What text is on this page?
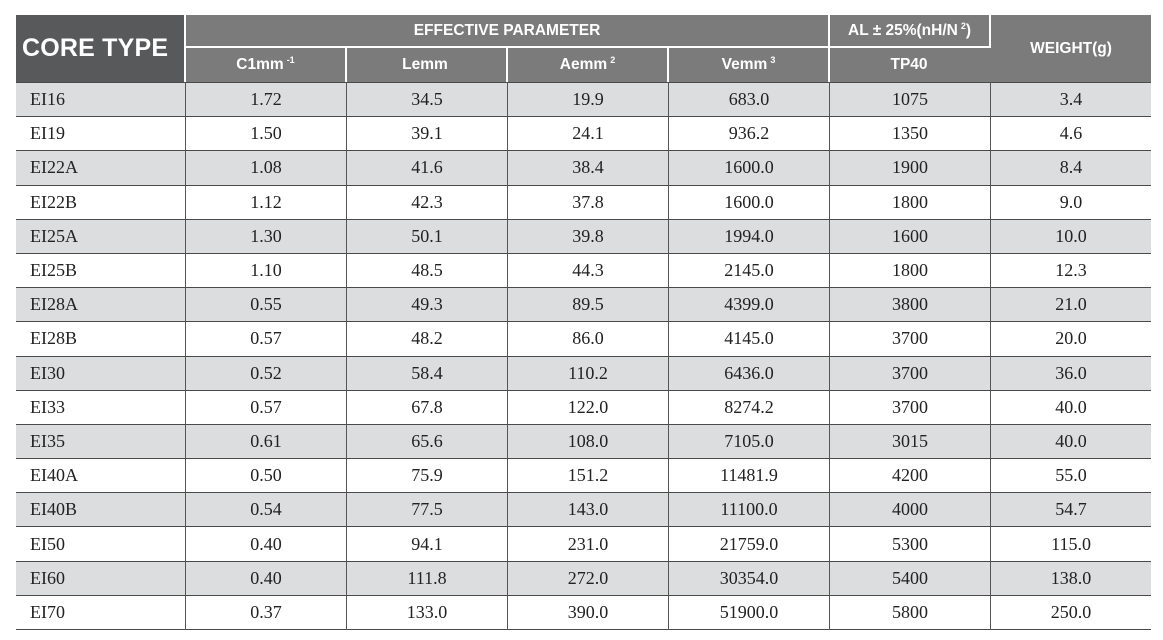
CORE TYPE	EFFECTIVE PARAMETER				AL ± 25%(nH/N $^2$)	WEIGHT(g)
	C1mm $^{-1}$	Lemm	Aemm $^2$	Vemm $^3$	TP40	
EI16	1.72	34.5	19.9	683.0	1075	3.4
EI19	1.50	39.1	24.1	936.2	1350	4.6
EI22A	1.08	41.6	38.4	1600.0	1900	8.4
EI22B	1.12	42.3	37.8	1600.0	1800	9.0
EI25A	1.30	50.1	39.8	1994.0	1600	10.0
EI25B	1.10	48.5	44.3	2145.0	1800	12.3
EI28A	0.55	49.3	89.5	4399.0	3800	21.0
EI28B	0.57	48.2	86.0	4145.0	3700	20.0
EI30	0.52	58.4	110.2	6436.0	3700	36.0
EI33	0.57	67.8	122.0	8274.2	3700	40.0
EI35	0.61	65.6	108.0	7105.0	3015	40.0
EI40A	0.50	75.9	151.2	11481.9	4200	55.0
EI40B	0.54	77.5	143.0	11100.0	4000	54.7
EI50	0.40	94.1	231.0	21759.0	5300	115.0
EI60	0.40	111.8	272.0	30354.0	5400	138.0
EI70	0.37	133.0	390.0	51900.0	5800	250.0
